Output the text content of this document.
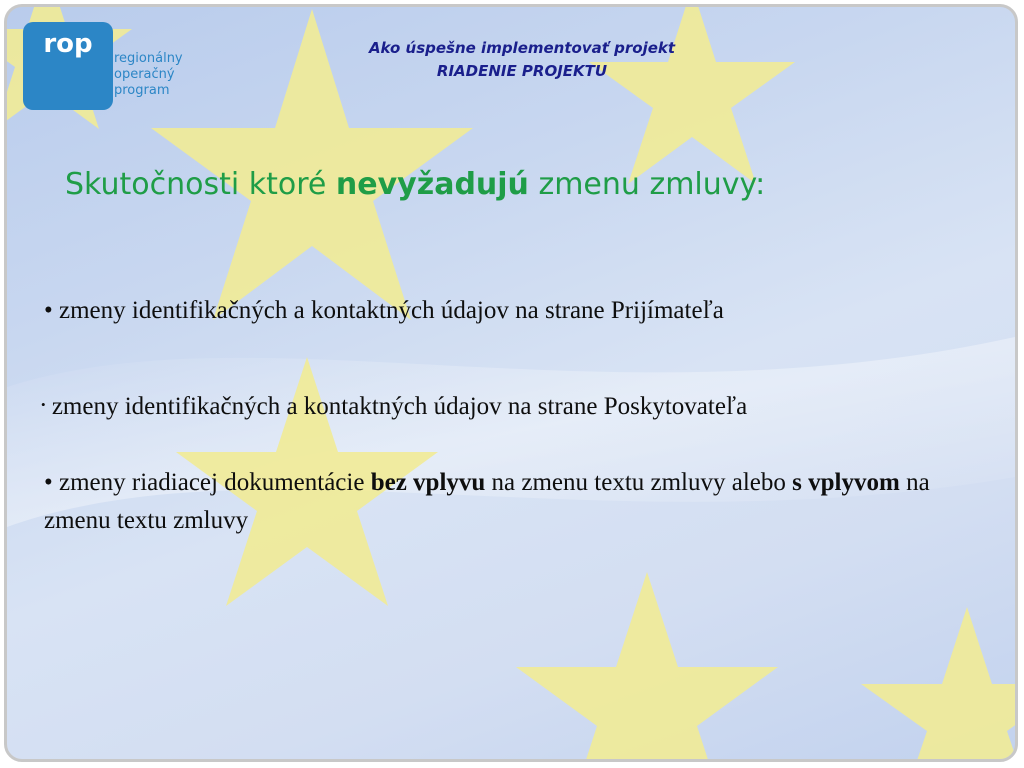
rop regionálny
operačný
program
Ako úspešne implementovať projekt
RIADENIE PROJEKTU
Skutočnosti ktoré nevyžadujú zmenu zmluvy:
• zmeny identifikačných a kontaktných údajov na strane Prijímateľa
• zmeny identifikačných a kontaktných údajov na strane Poskytovateľa
• zmeny riadiacej dokumentácie bez vplyvu na zmenu textu zmluvy alebo s vplyvom na zmenu textu zmluvy
